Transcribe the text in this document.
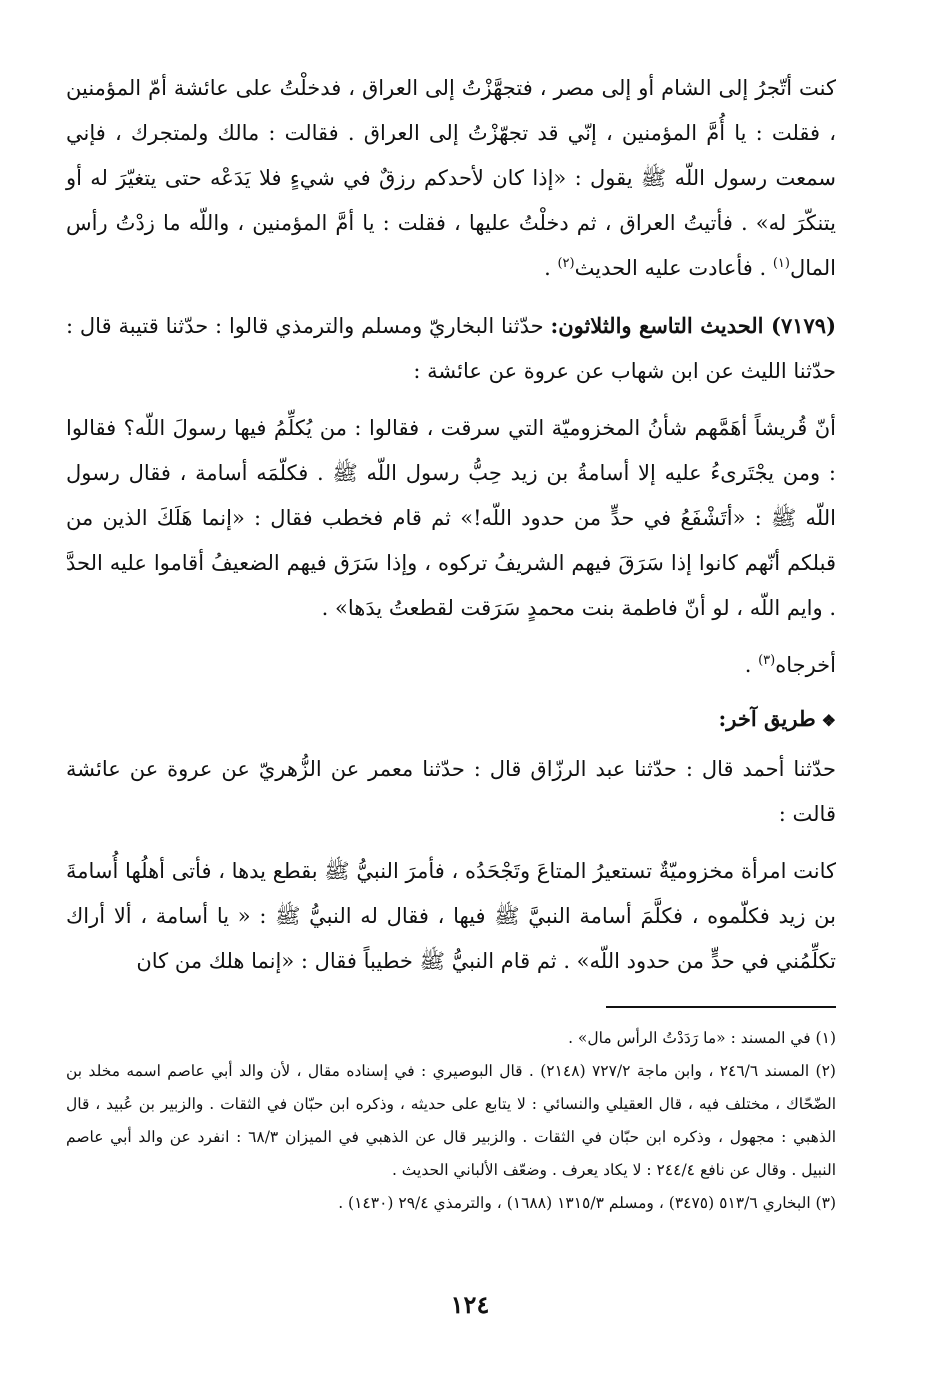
كنت أتّجرُ إلى الشام أو إلى مصر ، فتجهَّزْتُ إلى العراق ، فدخلْتُ على عائشة أمّ المؤمنين ، فقلت : يا أُمَّ المؤمنين ، إنّي قد تجهّزْتُ إلى العراق . فقالت : مالك ولمتجرك ، فإني سمعت رسول اللّه ﷺ يقول : «إذا كان لأحدكم رزقٌ في شيءٍ فلا يَدَعْه حتى يتغيّرَ له أو يتنكّرَ له» . فأتيتُ العراق ، ثم دخلْتُ عليها ، فقلت : يا أمَّ المؤمنين ، واللّه ما زدْتُ رأس المال$^{(١)}$ . فأعادت عليه الحديث$^{(٢)}$ .

(٧١٧٩) الحديث التاسع والثلاثون: حدّثنا البخاريّ ومسلم والترمذي قالوا : حدّثنا قتيبة قال : حدّثنا الليث عن ابن شهاب عن عروة عن عائشة :

أنّ قُريشاً أهَمَّهم شأنُ المخزوميّة التي سرقت ، فقالوا : من يُكلِّمُ فيها رسولَ اللّه؟ فقالوا : ومن يجْتَرىءُ عليه إلا أسامةُ بن زيد حِبُّ رسول اللّه ﷺ . فكلّمَه أسامة ، فقال رسول اللّه ﷺ : «أتَشْفَعُ في حدٍّ من حدود اللّه!» ثم قام فخطب فقال : «إنما هَلَكَ الذين من قبلكم أنّهم كانوا إذا سَرَقَ فيهم الشريفُ تركوه ، وإذا سَرَق فيهم الضعيفُ أقاموا عليه الحدَّ . وايم اللّه ، لو أنّ فاطمة بنت محمدٍ سَرَقت لقطعتُ يدَها» .

أخرجاه$^{(٣)}$ .

❖طريق آخر:

حدّثنا أحمد قال : حدّثنا عبد الرزّاق قال : حدّثنا معمر عن الزُّهريّ عن عروة عن عائشة قالت :

كانت امرأة مخزوميّةٌ تستعيرُ المتاعَ وتَجْحَدُه ، فأمرَ النبيُّ ﷺ بقطع يدها ، فأتى أهلُها أُسامةَ بن زيد فكلّموه ، فكلَّمَ أسامة النبيَّ ﷺ فيها ، فقال له النبيُّ ﷺ : « يا أسامة ، ألا أراك تكلِّمُني في حدٍّ من حدود اللّه» . ثم قام النبيُّ ﷺ خطيباً فقال : «إنما هلك من كان

(١) في المسند : «ما رَدَدْتُ الرأس مال» .

(٢) المسند ٢٤٦/٦ ، وابن ماجة ٧٢٧/٢ (٢١٤٨) . قال البوصيري : في إسناده مقال ، لأن والد أبي عاصم اسمه مخلد بن الضّحّاك ، مختلف فيه ، قال العقيلي والنسائي : لا يتابع على حديثه ، وذكره ابن حبّان في الثقات . والزبير بن عُبيد ، قال الذهبي : مجهول ، وذكره ابن حبّان في الثقات . والزبير قال عن الذهبي في الميزان ٦٨/٣ : انفرد عن والد أبي عاصم النبيل . وقال عن نافع ٢٤٤/٤ : لا يكاد يعرف . وضعّف الألباني الحديث .

(٣) البخاري ٥١٣/٦ (٣٤٧٥) ، ومسلم ١٣١٥/٣ (١٦٨٨) ، والترمذي ٢٩/٤ (١٤٣٠) .

١٢٤
